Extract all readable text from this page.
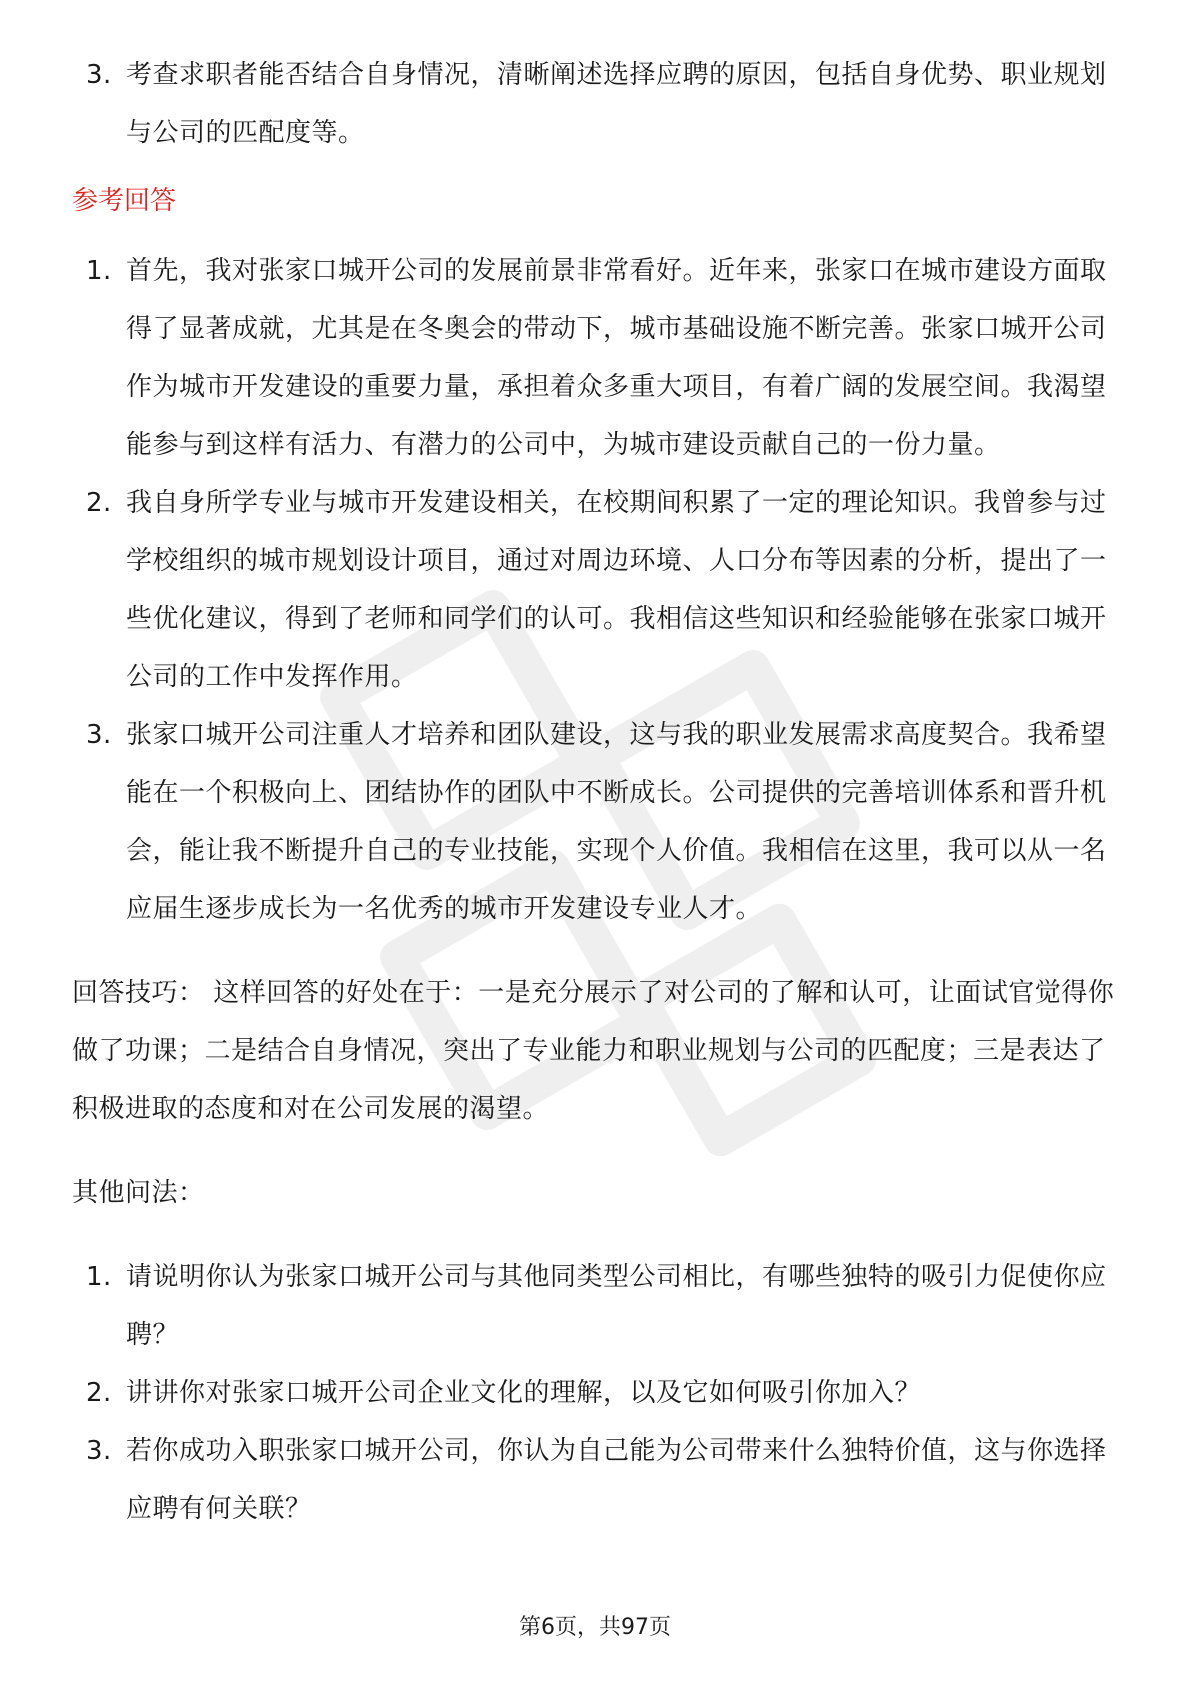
3. 考查求职者能否结合自身情况，清晰阐述选择应聘的原因，包括自身优势、职业规划与公司的匹配度等。
参考回答
1. 首先，我对张家口城开公司的发展前景非常看好。近年来，张家口在城市建设方面取得了显著成就，尤其是在冬奥会的带动下，城市基础设施不断完善。张家口城开公司作为城市开发建设的重要力量，承担着众多重大项目，有着广阔的发展空间。我渴望能参与到这样有活力、有潜力的公司中，为城市建设贡献自己的一份力量。
2. 我自身所学专业与城市开发建设相关，在校期间积累了一定的理论知识。我曾参与过学校组织的城市规划设计项目，通过对周边环境、人口分布等因素的分析，提出了一些优化建议，得到了老师和同学们的认可。我相信这些知识和经验能够在张家口城开公司的工作中发挥作用。
3. 张家口城开公司注重人才培养和团队建设，这与我的职业发展需求高度契合。我希望能在一个积极向上、团结协作的团队中不断成长。公司提供的完善培训体系和晋升机会，能让我不断提升自己的专业技能，实现个人价值。我相信在这里，我可以从一名应届生逐步成长为一名优秀的城市开发建设专业人才。
回答技巧： 这样回答的好处在于：一是充分展示了对公司的了解和认可，让面试官觉得你做了功课；二是结合自身情况，突出了专业能力和职业规划与公司的匹配度；三是表达了积极进取的态度和对在公司发展的渴望。
其他问法：
1. 请说明你认为张家口城开公司与其他同类型公司相比，有哪些独特的吸引力促使你应聘？
2. 讲讲你对张家口城开公司企业文化的理解，以及它如何吸引你加入？
3. 若你成功入职张家口城开公司，你认为自己能为公司带来什么独特价值，这与你选择应聘有何关联？
第6页，共97页
